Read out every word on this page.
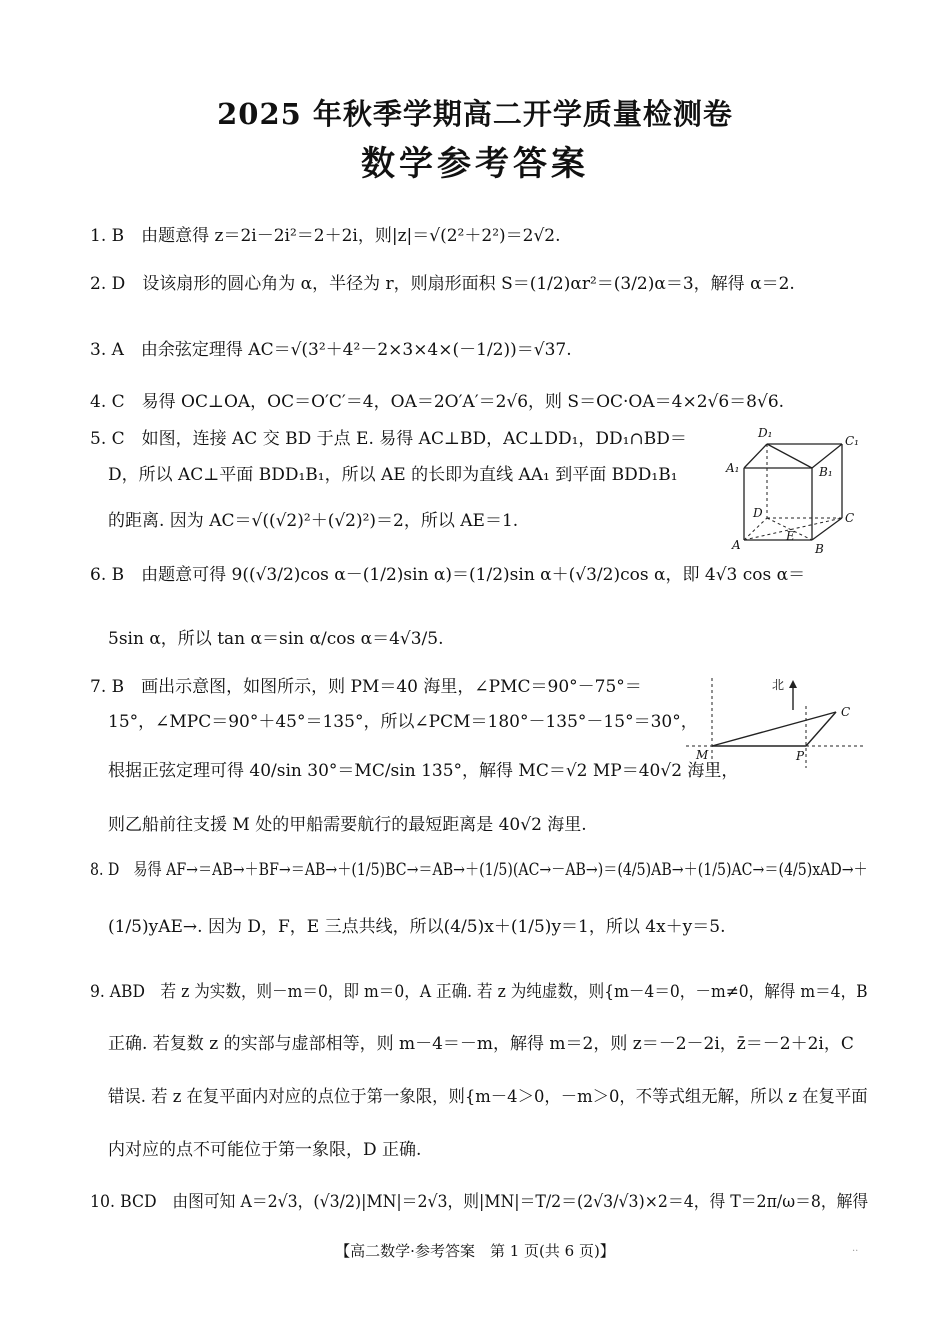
2025 年秋季学期高二开学质量检测卷
数学参考答案
1. B　由题意得 z＝2i－2i²＝2＋2i，则|z|＝√(2²＋2²)＝2√2.
2. D　设该扇形的圆心角为 α，半径为 r，则扇形面积 S＝(1/2)αr²＝(3/2)α＝3，解得 α＝2.
3. A　由余弦定理得 AC＝√(3²＋4²－2×3×4×(－1/2))＝√37.
4. C　易得 OC⊥OA，OC＝O′C′＝4，OA＝2O′A′＝2√6，则 S＝OC·OA＝4×2√6＝8√6.
5. C　如图，连接 AC 交 BD 于点 E. 易得 AC⊥BD，AC⊥DD₁，DD₁∩BD＝
D，所以 AC⊥平面 BDD₁B₁，所以 AE 的长即为直线 AA₁ 到平面 BDD₁B₁
的距离. 因为 AC＝√((√2)²＋(√2)²)＝2，所以 AE＝1.
D₁
C₁
A₁	B₁
D	C
E
A	B
6. B　由题意可得 9((√3/2)cos α－(1/2)sin α)＝(1/2)sin α＋(√3/2)cos α，即 4√3 cos α＝
5sin α，所以 tan α＝sin α/cos α＝4√3/5.
7. B　画出示意图，如图所示，则 PM＝40 海里，∠PMC＝90°－75°＝
15°，∠MPC＝90°＋45°＝135°，所以∠PCM＝180°－135°－15°＝30°，
根据正弦定理可得 40/sin 30°＝MC/sin 135°，解得 MC＝√2 MP＝40√2 海里，
则乙船前往支援 M 处的甲船需要航行的最短距离是 40√2 海里.
北
M	P
C
8. D　易得 AF→＝AB→＋BF→＝AB→＋(1/5)BC→＝AB→＋(1/5)(AC→－AB→)＝(4/5)AB→＋(1/5)AC→＝(4/5)xAD→＋
(1/5)yAE→. 因为 D，F，E 三点共线，所以(4/5)x＋(1/5)y＝1，所以 4x＋y＝5.
9. ABD　若 z 为实数，则－m＝0，即 m＝0，A 正确. 若 z 为纯虚数，则{m－4＝0，－m≠0，解得 m＝4，B
正确. 若复数 z 的实部与虚部相等，则 m－4＝－m，解得 m＝2，则 z＝－2－2i，z̄＝－2＋2i，C
错误. 若 z 在复平面内对应的点位于第一象限，则{m－4＞0，－m＞0，不等式组无解，所以 z 在复平面
内对应的点不可能位于第一象限，D 正确.
10. BCD　由图可知 A＝2√3，(√3/2)|MN|＝2√3，则|MN|＝T/2＝(2√3/√3)×2＝4，得 T＝2π/ω＝8，解得
【高二数学·参考答案　第 1 页(共 6 页)】	..
